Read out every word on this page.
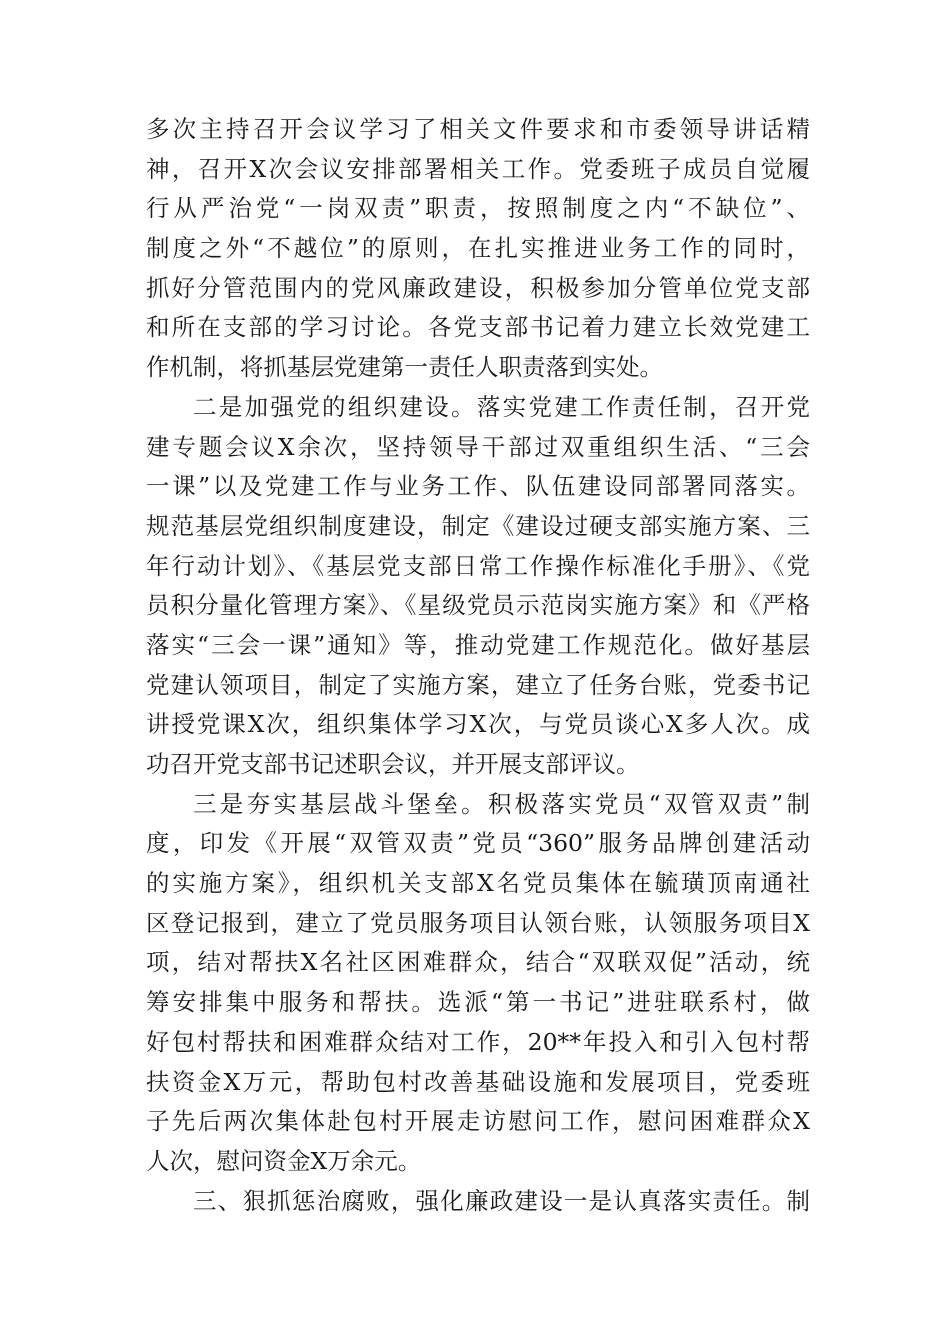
多次主持召开会议学习了相关文件要求和市委领导讲话精
神，召开X次会议安排部署相关工作。党委班子成员自觉履
行从严治党“一岗双责”职责，按照制度之内“不缺位”、
制度之外“不越位”的原则，在扎实推进业务工作的同时，
抓好分管范围内的党风廉政建设，积极参加分管单位党支部
和所在支部的学习讨论。各党支部书记着力建立长效党建工
作机制，将抓基层党建第一责任人职责落到实处。
二是加强党的组织建设。落实党建工作责任制，召开党
建专题会议X余次，坚持领导干部过双重组织生活、“三会
一课”以及党建工作与业务工作、队伍建设同部署同落实。
规范基层党组织制度建设，制定《建设过硬支部实施方案、三
年行动计划》、《基层党支部日常工作操作标准化手册》、《党
员积分量化管理方案》、《星级党员示范岗实施方案》和《严格
落实“三会一课”通知》等，推动党建工作规范化。做好基层
党建认领项目，制定了实施方案，建立了任务台账，党委书记
讲授党课X次，组织集体学习X次，与党员谈心X多人次。成
功召开党支部书记述职会议，并开展支部评议。
三是夯实基层战斗堡垒。积极落实党员“双管双责”制
度，印发《开展“双管双责”党员“360”服务品牌创建活动
的实施方案》，组织机关支部X名党员集体在毓璜顶南通社
区登记报到，建立了党员服务项目认领台账，认领服务项目X
项，结对帮扶X名社区困难群众，结合“双联双促”活动，统
筹安排集中服务和帮扶。选派“第一书记”进驻联系村，做
好包村帮扶和困难群众结对工作，20**年投入和引入包村帮
扶资金X万元，帮助包村改善基础设施和发展项目，党委班
子先后两次集体赴包村开展走访慰问工作，慰问困难群众X
人次，慰问资金X万余元。
三、狠抓惩治腐败，强化廉政建设一是认真落实责任。制
